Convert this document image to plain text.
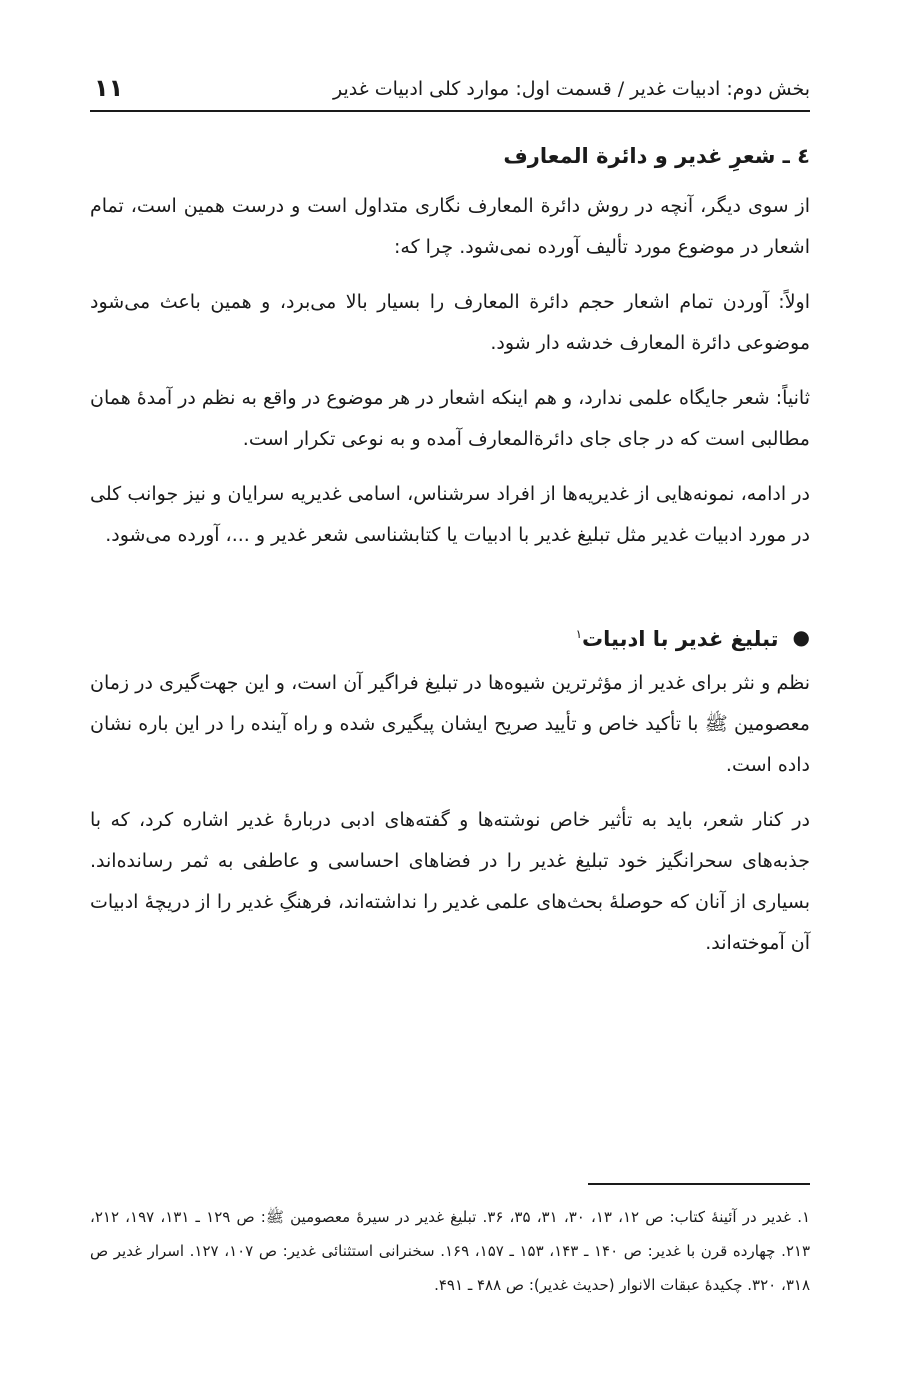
بخش دوم: ادبیات غدیر / قسمت اول: موارد کلی ادبیات غدیر
۱۱
٤ ـ شعرِ غدیر و دائرة المعارف

از سوی دیگر، آنچه در روش دائرة المعارف نگاری متداول است و درست همین است، تمام اشعار در موضوع مورد تألیف آورده نمی‌شود. چرا که:

اولاً: آوردن تمام اشعار حجم دائرة المعارف را بسیار بالا می‌برد، و همین باعث می‌شود موضوعی دائرة المعارف خدشه دار شود.

ثانیاً: شعر جایگاه علمی ندارد، و هم اینکه اشعار در هر موضوع در واقع به نظم در آمدهٔ همان مطالبی است که در جای جای دائرةالمعارف آمده و به نوعی تکرار است.

در ادامه، نمونه‌هایی از غدیریه‌ها از افراد سرشناس، اسامی غدیریه سرایان و نیز جوانب کلی در مورد ادبیات غدیر مثل تبلیغ غدیر با ادبیات یا کتابشناسی شعر غدیر و ...، آورده می‌شود.

●
تبلیغ غدیر با ادبیات$^۱$

نظم و نثر برای غدیر از مؤثرترین شیوه‌ها در تبلیغ فراگیر آن است، و این جهت‌گیری در زمان معصومین ﷺ با تأکید خاص و تأیید صریح ایشان پیگیری شده و راه آینده را در این باره نشان داده است.

در کنار شعر، باید به تأثیر خاص نوشته‌ها و گفته‌های ادبی دربارهٔ غدیر اشاره کرد، که با جذبه‌های سحرانگیز خود تبلیغ غدیر را در فضاهای احساسی و عاطفی به ثمر رسانده‌اند. بسیاری از آنان که حوصلهٔ بحث‌های علمی غدیر را نداشته‌اند، فرهنگِ غدیر را از دریچهٔ ادبیات آن آموخته‌اند.

۱. غدیر در آئینهٔ کتاب: ص ۱۲، ۱۳، ۳۰، ۳۱، ۳۵، ۳۶. تبلیغ غدیر در سیرهٔ معصومین ﷺ: ص ۱۲۹ ـ ۱۳۱، ۱۹۷، ۲۱۲، ۲۱۳. چهارده قرن با غدیر: ص ۱۴۰ ـ ۱۴۳، ۱۵۳ ـ ۱۵۷، ۱۶۹. سخنرانی استثنائی غدیر: ص ۱۰۷، ۱۲۷. اسرار غدیر ص ۳۱۸، ۳۲۰. چکیدهٔ عبقات الانوار (حدیث غدیر): ص ۴۸۸ ـ ۴۹۱.
